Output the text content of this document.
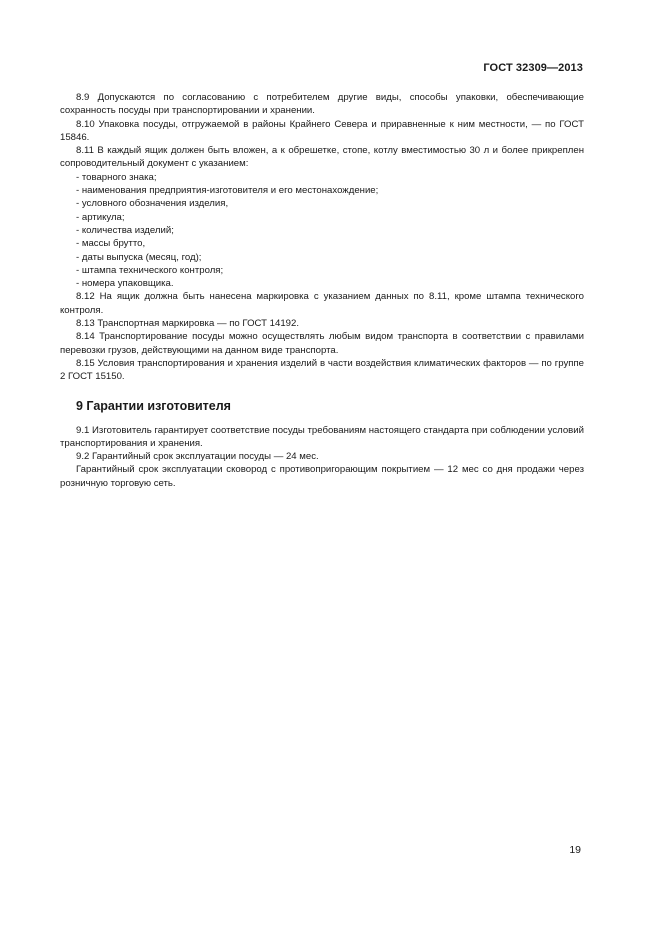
ГОСТ 32309—2013

8.9 Допускаются по согласованию с потребителем другие виды, способы упаковки, обеспечивающие сохранность посуды при транспортировании и хранении.

8.10 Упаковка посуды, отгружаемой в районы Крайнего Севера и приравненные к ним местности, — по ГОСТ 15846.

8.11 В каждый ящик должен быть вложен, а к обрешетке, стопе, котлу вместимостью 30 л и более прикреплен сопроводительный документ с указанием:

- товарного знака;

- наименования предприятия-изготовителя и его местонахождение;

- условного обозначения изделия,

- артикула;

- количества изделий;

- массы брутто,

- даты выпуска (месяц, год);

- штампа технического контроля;

- номера упаковщика.

8.12 На ящик должна быть нанесена маркировка с указанием данных по 8.11, кроме штампа технического контроля.

8.13 Транспортная маркировка — по ГОСТ 14192.

8.14 Транспортирование посуды можно осуществлять любым видом транспорта в соответствии с правилами перевозки грузов, действующими на данном виде транспорта.

8.15 Условия транспортирования и хранения изделий в части воздействия климатических факторов — по группе 2 ГОСТ 15150.

9 Гарантии изготовителя

9.1 Изготовитель гарантирует соответствие посуды требованиям настоящего стандарта при соблюдении условий транспортирования и хранения.

9.2 Гарантийный срок эксплуатации посуды — 24 мес.

Гарантийный срок эксплуатации сковород с противопригорающим покрытием — 12 мес со дня продажи через розничную торговую сеть.

19
